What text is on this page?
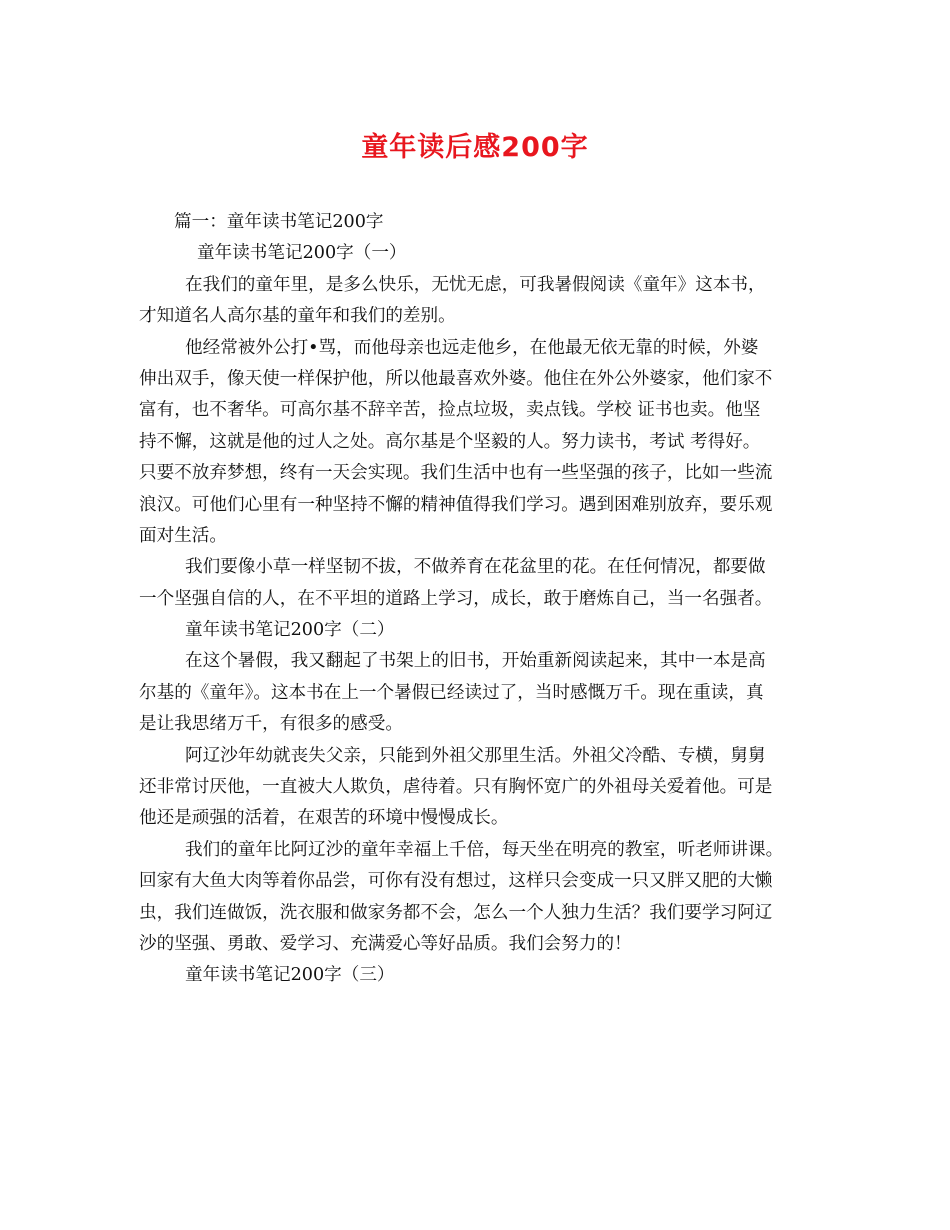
童年读后感200字
篇一：童年读书笔记200字
童年读书笔记200字（一）
在我们的童年里，是多么快乐，无忧无虑，可我暑假阅读《童年》这本书，
才知道名人高尔基的童年和我们的差别。
他经常被外公打•骂，而他母亲也远走他乡，在他最无依无靠的时候，外婆
伸出双手，像天使一样保护他，所以他最喜欢外婆。他住在外公外婆家，他们家不
富有，也不奢华。可高尔基不辞辛苦，捡点垃圾，卖点钱。学校 证书也卖。他坚
持不懈，这就是他的过人之处。高尔基是个坚毅的人。努力读书，考试 考得好。
只要不放弃梦想，终有一天会实现。我们生活中也有一些坚强的孩子，比如一些流
浪汉。可他们心里有一种坚持不懈的精神值得我们学习。遇到困难别放弃，要乐观
面对生活。
我们要像小草一样坚韧不拔，不做养育在花盆里的花。在任何情况，都要做
一个坚强自信的人，在不平坦的道路上学习，成长，敢于磨炼自己，当一名强者。
童年读书笔记200字（二）
在这个暑假，我又翻起了书架上的旧书，开始重新阅读起来，其中一本是高
尔基的《童年》。这本书在上一个暑假已经读过了，当时感慨万千。现在重读，真
是让我思绪万千，有很多的感受。
阿辽沙年幼就丧失父亲，只能到外祖父那里生活。外祖父冷酷、专横，舅舅
还非常讨厌他，一直被大人欺负，虐待着。只有胸怀宽广的外祖母关爱着他。可是
他还是顽强的活着，在艰苦的环境中慢慢成长。
我们的童年比阿辽沙的童年幸福上千倍，每天坐在明亮的教室，听老师讲课。
回家有大鱼大肉等着你品尝，可你有没有想过，这样只会变成一只又胖又肥的大懒
虫，我们连做饭，洗衣服和做家务都不会，怎么一个人独力生活？我们要学习阿辽
沙的坚强、勇敢、爱学习、充满爱心等好品质。我们会努力的！
童年读书笔记200字（三）
